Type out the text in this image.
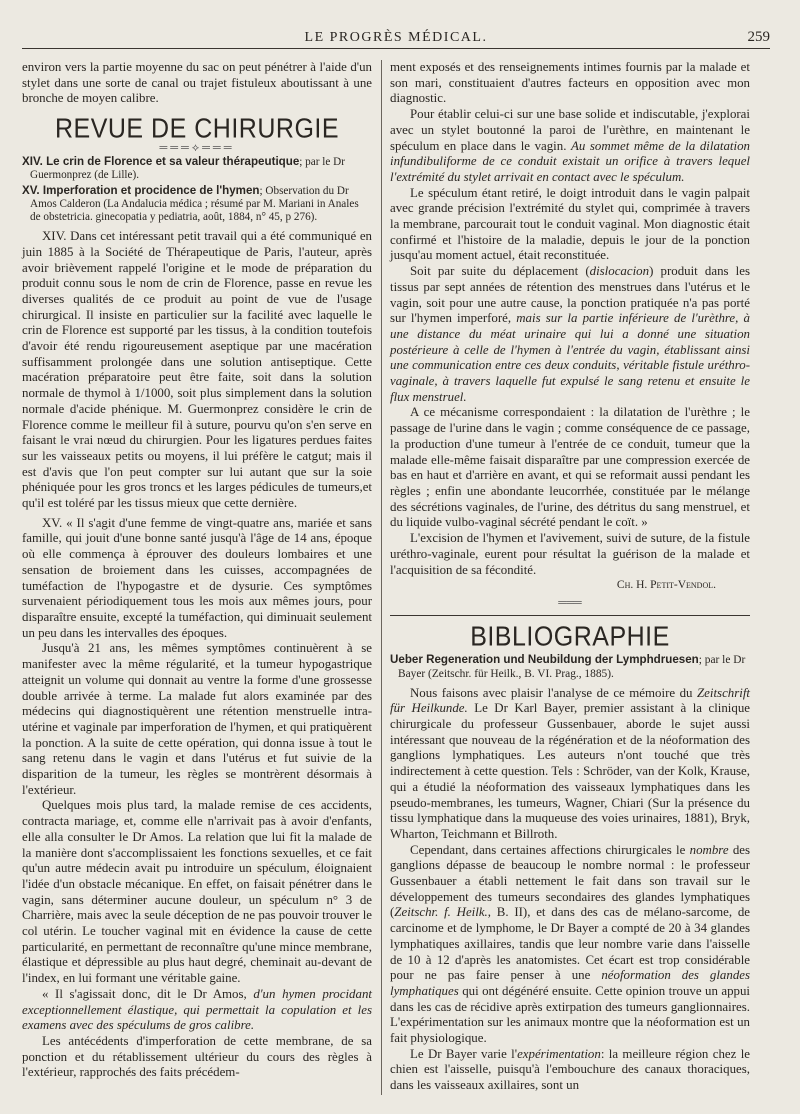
LE PROGRÈS MÉDICAL.	259

environ vers la partie moyenne du sac on peut pénétrer à l'aide d'un stylet dans une sorte de canal ou trajet fistuleux aboutissant à une bronche de moyen calibre.

REVUE DE CHIRURGIE
═══⟡═══

XIV. Le crin de Florence et sa valeur thérapeutique; par le Dr Guermonprez (de Lille).

XV. Imperforation et procidence de l'hymen; Observation du Dr Amos Calderon (La Andalucia médica ; résumé par M. Mariani in Anales de obstetricia. ginecopatia y pediatria, août, 1884, n° 45, p 276).

XIV. Dans cet intéressant petit travail qui a été communiqué en juin 1885 à la Société de Thérapeutique de Paris, l'auteur, après avoir brièvement rappelé l'origine et le mode de préparation du produit connu sous le nom de crin de Florence, passe en revue les diverses qualités de ce produit au point de vue de l'usage chirurgical. Il insiste en particulier sur la facilité avec laquelle le crin de Florence est supporté par les tissus, à la condition toutefois d'avoir été rendu rigoureusement aseptique par une macération suffisamment prolongée dans une solution antiseptique. Cette macération préparatoire peut être faite, soit dans la solution normale de thymol à 1/1000, soit plus simplement dans la solution normale d'acide phénique. M. Guermonprez considère le crin de Florence comme le meilleur fil à suture, pourvu qu'on s'en serve en faisant le vrai nœud du chirurgien. Pour les ligatures perdues faites sur les vaisseaux petits ou moyens, il lui préfère le catgut; mais il est d'avis que l'on peut compter sur lui autant que sur la soie phéniquée pour les gros troncs et les larges pédicules de tumeurs,et qu'il est toléré par les tissus mieux que cette dernière.

XV. « Il s'agit d'une femme de vingt-quatre ans, mariée et sans famille, qui jouit d'une bonne santé jusqu'à l'âge de 14 ans, époque où elle commença à éprouver des douleurs lombaires et une sensation de broiement dans les cuisses, accompagnées de tuméfaction de l'hypogastre et de dysurie. Ces symptômes survenaient périodiquement tous les mois aux mêmes jours, pour disparaître ensuite, excepté la tuméfaction, qui diminuait seulement un peu dans les intervalles des époques.

Jusqu'à 21 ans, les mêmes symptômes continuèrent à se manifester avec la même régularité, et la tumeur hypogastrique atteignit un volume qui donnait au ventre la forme d'une grossesse double arrivée à terme. La malade fut alors examinée par des médecins qui diagnostiquèrent une rétention menstruelle intra-utérine et vaginale par imperforation de l'hymen, et qui pratiquèrent la ponction. A la suite de cette opération, qui donna issue à tout le sang retenu dans le vagin et dans l'utérus et fut suivie de la disparition de la tumeur, les règles se montrèrent désormais à l'extérieur.

Quelques mois plus tard, la malade remise de ces accidents, contracta mariage, et, comme elle n'arrivait pas à avoir d'enfants, elle alla consulter le Dr Amos. La relation que lui fit la malade de la manière dont s'accomplissaient les fonctions sexuelles, et ce fait qu'un autre médecin avait pu introduire un spéculum, éloignaient l'idée d'un obstacle mécanique. En effet, on faisait pénétrer dans le vagin, sans déterminer aucune douleur, un spéculum n° 3 de Charrière, mais avec la seule déception de ne pas pouvoir trouver le col utérin. Le toucher vaginal mit en évidence la cause de cette particularité, en permettant de reconnaître qu'une mince membrane, élastique et dépressible au plus haut degré, cheminait au-devant de l'index, en lui formant une véritable gaine.

« Il s'agissait donc, dit le Dr Amos, d'un hymen procidant exceptionnellement élastique, qui permettait la copulation et les examens avec des spéculums de gros calibre.

Les antécédents d'imperforation de cette membrane, de sa ponction et du rétablissement ultérieur du cours des règles à l'extérieur, rapprochés des faits précédem-

ment exposés et des renseignements intimes fournis par la malade et son mari, constituaient d'autres facteurs en opposition avec mon diagnostic.

Pour établir celui-ci sur une base solide et indiscutable, j'explorai avec un stylet boutonné la paroi de l'urèthre, en maintenant le spéculum en place dans le vagin. Au sommet même de la dilatation infundibuliforme de ce conduit existait un orifice à travers lequel l'extrémité du stylet arrivait en contact avec le spéculum.

Le spéculum étant retiré, le doigt introduit dans le vagin palpait avec grande précision l'extrémité du stylet qui, comprimée à travers la membrane, parcourait tout le conduit vaginal. Mon diagnostic était confirmé et l'histoire de la maladie, depuis le jour de la ponction jusqu'au moment actuel, était reconstituée.

Soit par suite du déplacement (dislocacion) produit dans les tissus par sept années de rétention des menstrues dans l'utérus et le vagin, soit pour une autre cause, la ponction pratiquée n'a pas porté sur l'hymen imperforé, mais sur la partie inférieure de l'urèthre, à une distance du méat urinaire qui lui a donné une situation postérieure à celle de l'hymen à l'entrée du vagin, établissant ainsi une communication entre ces deux conduits, véritable fistule uréthro-vaginale, à travers laquelle fut expulsé le sang retenu et ensuite le flux menstruel.

A ce mécanisme correspondaient : la dilatation de l'urèthre ; le passage de l'urine dans le vagin ; comme conséquence de ce passage, la production d'une tumeur à l'entrée de ce conduit, tumeur que la malade elle-même faisait disparaître par une compression exercée de bas en haut et d'arrière en avant, et qui se reformait aussi pendant les règles ; enfin une abondante leucorrhée, constituée par le mélange des sécrétions vaginales, de l'urine, des détritus du sang menstruel, et du liquide vulbo-vaginal sécrété pendant le coït. »

L'excision de l'hymen et l'avivement, suivi de suture, de la fistule uréthro-vaginale, eurent pour résultat la guérison de la malade et l'acquisition de sa fécondité.

Ch. H. Petit-Vendol.

═══
BIBLIOGRAPHIE

Ueber Regeneration und Neubildung der Lymphdruesen; par le Dr Bayer (Zeitschr. für Heilk., B. VI. Prag., 1885).

Nous faisons avec plaisir l'analyse de ce mémoire du Zeitschrift für Heilkunde. Le Dr Karl Bayer, premier assistant à la clinique chirurgicale du professeur Gussenbauer, aborde le sujet aussi intéressant que nouveau de la régénération et de la néoformation des ganglions lymphatiques. Les auteurs n'ont touché que très indirectement à cette question. Tels : Schröder, van der Kolk, Krause, qui a étudié la néoformation des vaisseaux lymphatiques dans les pseudo-membranes, les tumeurs, Wagner, Chiari (Sur la présence du tissu lymphatique dans la muqueuse des voies urinaires, 1881), Bryk, Wharton, Teichmann et Billroth.

Cependant, dans certaines affections chirurgicales le nombre des ganglions dépasse de beaucoup le nombre normal : le professeur Gussenbauer a établi nettement le fait dans son travail sur le développement des tumeurs secondaires des glandes lymphatiques (Zeitschr. f. Heilk., B. II), et dans des cas de mélano-sarcome, de carcinome et de lymphome, le Dr Bayer a compté de 20 à 34 glandes lymphatiques axillaires, tandis que leur nombre varie dans l'aisselle de 10 à 12 d'après les anatomistes. Cet écart est trop considérable pour ne pas faire penser à une néoformation des glandes lymphatiques qui ont dégénéré ensuite. Cette opinion trouve un appui dans les cas de récidive après extirpation des tumeurs ganglionnaires. L'expérimentation sur les animaux montre que la néoformation est un fait physiologique.

Le Dr Bayer varie l'expérimentation: la meilleure région chez le chien est l'aisselle, puisqu'à l'embouchure des canaux thoraciques, dans les vaisseaux axillaires, sont un
